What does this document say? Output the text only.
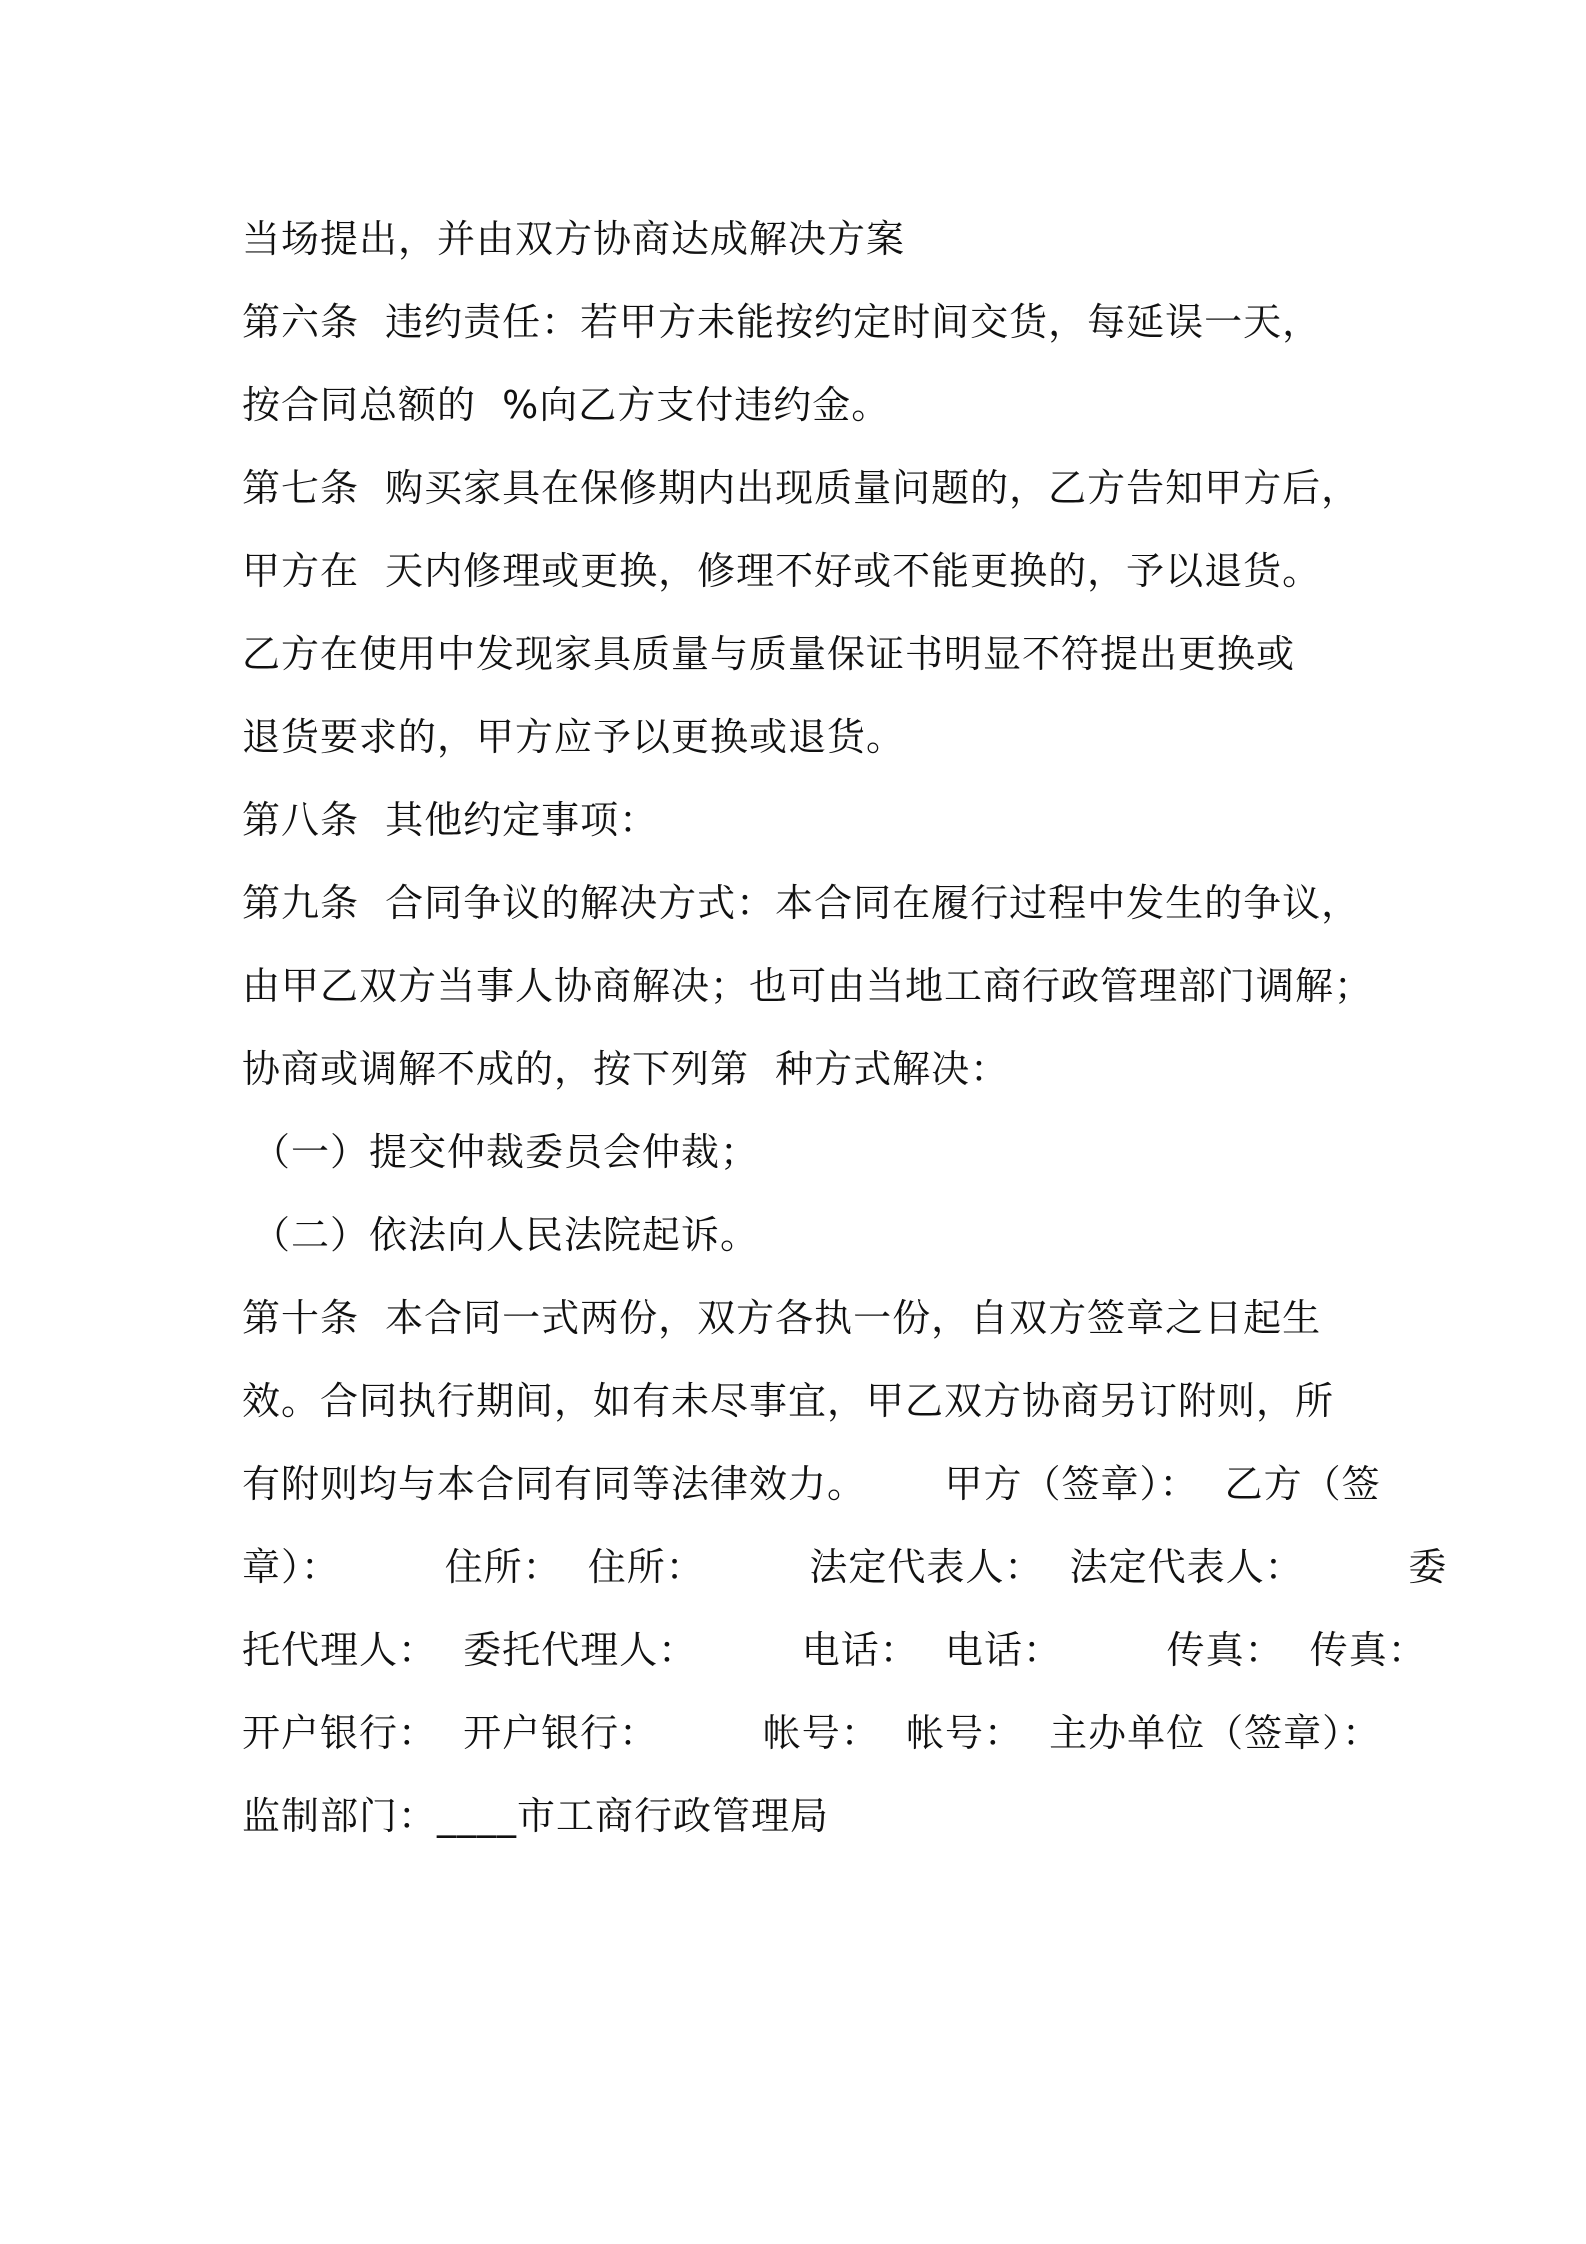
当场提出，并由双方协商达成解决方案
第六条  违约责任：若甲方未能按约定时间交货，每延误一天，
按合同总额的  %向乙方支付违约金。
第七条  购买家具在保修期内出现质量问题的，乙方告知甲方后，
甲方在  天内修理或更换，修理不好或不能更换的，予以退货。
乙方在使用中发现家具质量与质量保证书明显不符提出更换或
退货要求的，甲方应予以更换或退货。
第八条  其他约定事项：
第九条  合同争议的解决方式：本合同在履行过程中发生的争议，
由甲乙双方当事人协商解决；也可由当地工商行政管理部门调解；
协商或调解不成的，按下列第  种方式解决：
（一）提交仲裁委员会仲裁；
（二）依法向人民法院起诉。
第十条  本合同一式两份，双方各执一份，自双方签章之日起生
效。合同执行期间，如有未尽事宜，甲乙双方协商另订附则，所
有附则均与本合同有同等法律效力。      甲方（签章）：  乙方（签
章）：        住所：  住所：        法定代表人：  法定代表人：        委
托代理人：  委托代理人：        电话：  电话：        传真：  传真：
开户银行：  开户银行：        帐号：  帐号：  主办单位（签章）：
监制部门：____市工商行政管理局
